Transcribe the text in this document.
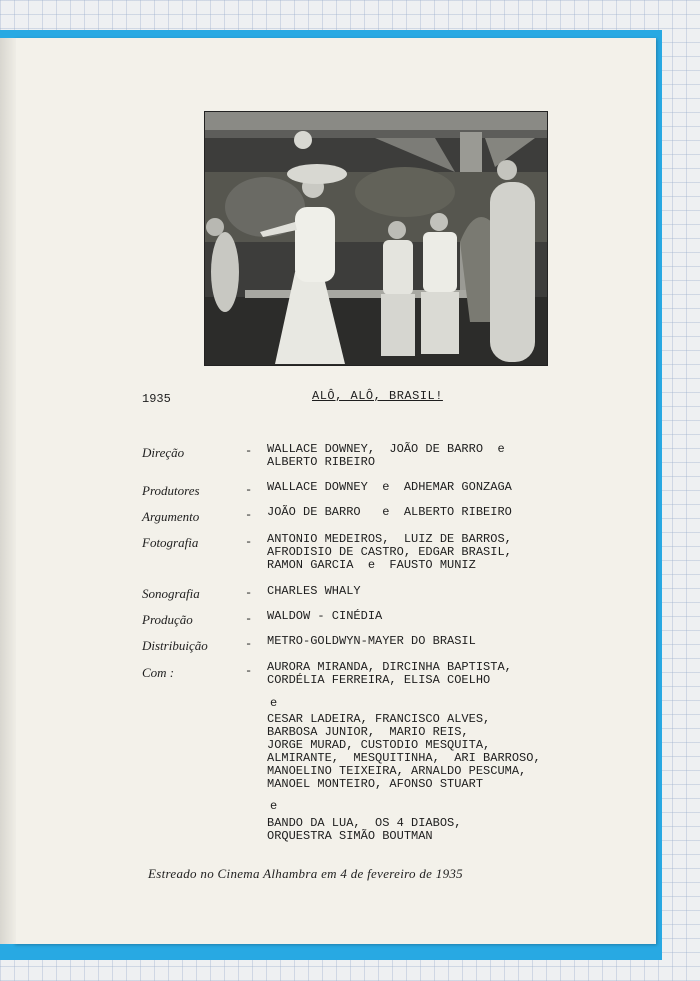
1935	ALÔ, ALÔ, BRASIL!
Direção	- WALLACE DOWNEY,  JOÃO DE BARRO  e
ALBERTO RIBEIRO
Produtores	- WALLACE DOWNEY  e  ADHEMAR GONZAGA
Argumento	- JOÃO DE BARRO   e  ALBERTO RIBEIRO
Fotografia	- ANTONIO MEDEIROS,  LUIZ DE BARROS,
AFRODISIO DE CASTRO, EDGAR BRASIL,
RAMON GARCIA  e  FAUSTO MUNIZ
Sonografia	- CHARLES WHALY
Produção	- WALDOW - CINÉDIA
Distribuição	- METRO-GOLDWYN-MAYER DO BRASIL
Com :	- AURORA MIRANDA, DIRCINHA BAPTISTA,
CORDÉLIA FERREIRA, ELISA COELHO
e
CESAR LADEIRA, FRANCISCO ALVES,
BARBOSA JUNIOR,  MARIO REIS,
JORGE MURAD, CUSTODIO MESQUITA,
ALMIRANTE,  MESQUITINHA,  ARI BARROSO,
MANOELINO TEIXEIRA, ARNALDO PESCUMA,
MANOEL MONTEIRO, AFONSO STUART
e
BANDO DA LUA,  OS 4 DIABOS,
ORQUESTRA SIMÃO BOUTMAN
Estreado no Cinema Alhambra em 4 de fevereiro de 1935
